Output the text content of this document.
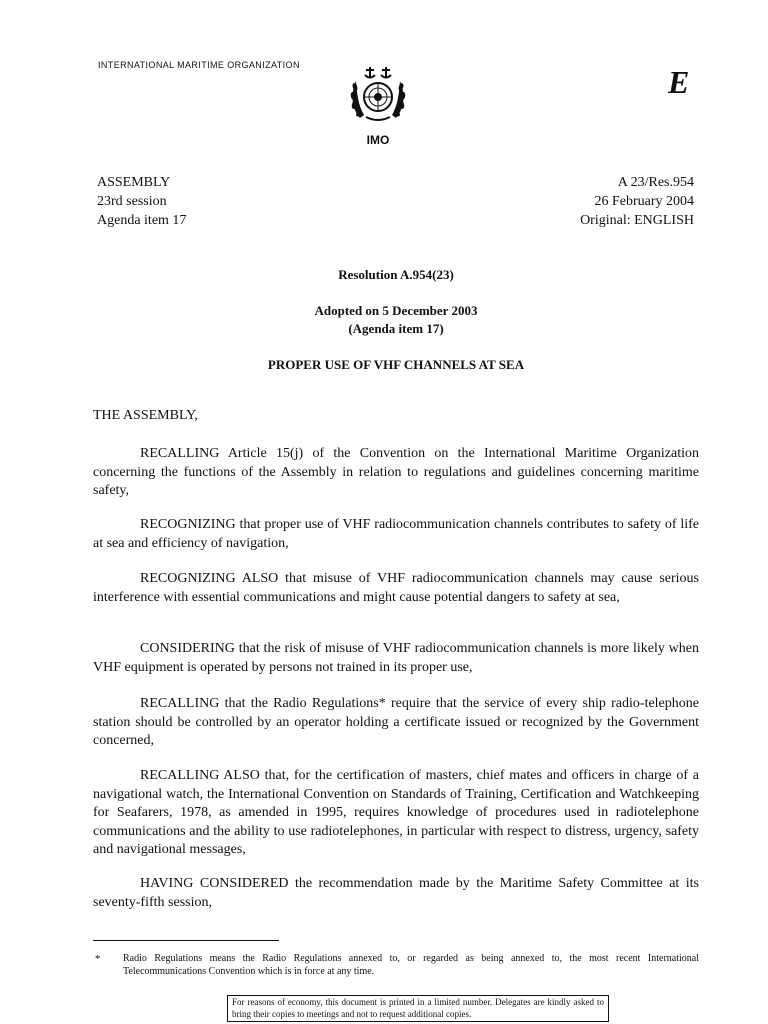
INTERNATIONAL MARITIME ORGANIZATION
IMO
E
ASSEMBLY
23rd session
Agenda item 17
A 23/Res.954
26 February 2004
Original: ENGLISH
Resolution A.954(23)
Adopted on 5 December 2003
(Agenda item 17)
PROPER USE OF VHF CHANNELS AT SEA
THE ASSEMBLY,

RECALLING Article 15(j) of the Convention on the International Maritime Organization concerning the functions of the Assembly in relation to regulations and guidelines concerning maritime safety,

RECOGNIZING that proper use of VHF radiocommunication channels contributes to safety of life at sea and efficiency of navigation,

RECOGNIZING ALSO that misuse of VHF radiocommunication channels may cause serious interference with essential communications and might cause potential dangers to safety at sea,

CONSIDERING that the risk of misuse of VHF radiocommunication channels is more likely when VHF equipment is operated by persons not trained in its proper use,

RECALLING that the Radio Regulations* require that the service of every ship radio-telephone station should be controlled by an operator holding a certificate issued or recognized by the Government concerned,

RECALLING ALSO that, for the certification of masters, chief mates and officers in charge of a navigational watch, the International Convention on Standards of Training, Certification and Watchkeeping for Seafarers, 1978, as amended in 1995, requires knowledge of procedures used in radiotelephone communications and the ability to use radiotelephones, in particular with respect to distress, urgency, safety and navigational messages,

HAVING CONSIDERED the recommendation made by the Maritime Safety Committee at its seventy-fifth session,

* Radio Regulations means the Radio Regulations annexed to, or regarded as being annexed to, the most recent International Telecommunications Convention which is in force at any time.
For reasons of economy, this document is printed in a limited number. Delegates are kindly asked to bring their copies to meetings and not to request additional copies.
